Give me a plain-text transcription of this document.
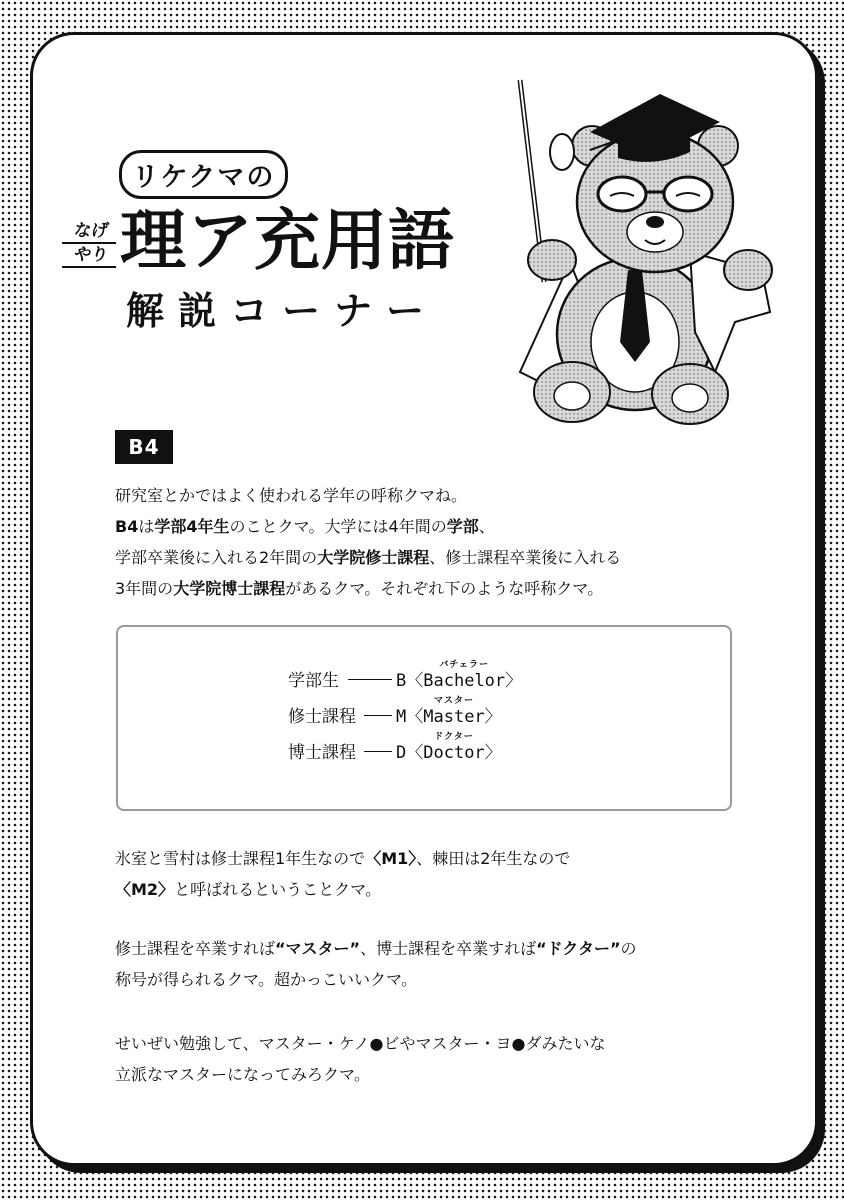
リケクマの
なげ
やり 理ア充用語
解説コーナー
B4
研究室とかではよく使われる学年の呼称クマね。
B4は学部4年生のことクマ。大学には4年間の学部、
学部卒業後に入れる2年間の大学院修士課程、修士課程卒業後に入れる
3年間の大学院博士課程があるクマ。それぞれ下のような呼称クマ。
学部生	B 〈
バチェラー
Bachelor 〉
修士課程 M 〈
マスター
Master 〉
博士課程 D 〈
ドクター
Doctor 〉
氷室と雪村は修士課程1年生なので〈M1〉、棘田は2年生なので
〈M2〉と呼ばれるということクマ。
修士課程を卒業すれば“マスター”、博士課程を卒業すれば“ドクター”の
称号が得られるクマ。超かっこいいクマ。
せいぜい勉強して、マスター・ケノ●ビやマスター・ヨ●ダみたいな
立派なマスターになってみろクマ。
